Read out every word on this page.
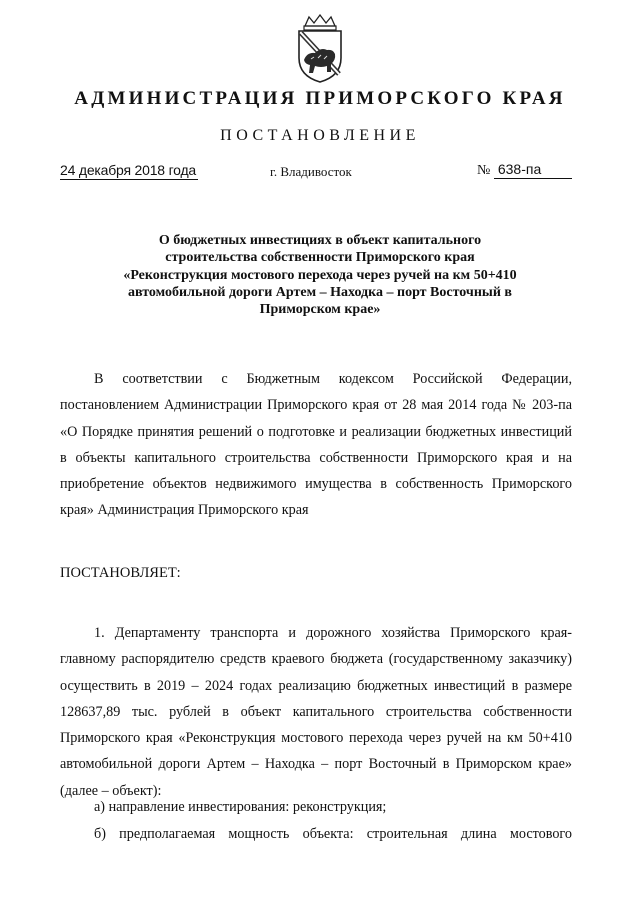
АДМИНИСТРАЦИЯ ПРИМОРСКОГО КРАЯ
ПОСТАНОВЛЕНИЕ
24 декабря 2018 года	г. Владивосток	№ 638-па
О бюджетных инвестициях в объект капитального строительства собственности Приморского края «Реконструкция мостового перехода через ручей на км 50+410 автомобильной дороги Артем – Находка – порт Восточный в Приморском крае»
В соответствии с Бюджетным кодексом Российской Федерации, постановлением Администрации Приморского края от 28 мая 2014 года № 203-па «О Порядке принятия решений о подготовке и реализации бюджетных инвестиций в объекты капитального строительства собственности Приморского края и на приобретение объектов недвижимого имущества в собственность Приморского края» Администрация Приморского края
ПОСТАНОВЛЯЕТ:
1. Департаменту транспорта и дорожного хозяйства Приморского края-главному распорядителю средств краевого бюджета (государственному заказчику) осуществить в 2019 – 2024 годах реализацию бюджетных инвестиций в размере 128637,89 тыс. рублей в объект капитального строительства собственности Приморского края «Реконструкция мостового перехода через ручей на км 50+410 автомобильной дороги Артем – Находка – порт Восточный в Приморском крае» (далее – объект):
а) направление инвестирования: реконструкция;
б) предполагаемая мощность объекта: строительная длина мостового
